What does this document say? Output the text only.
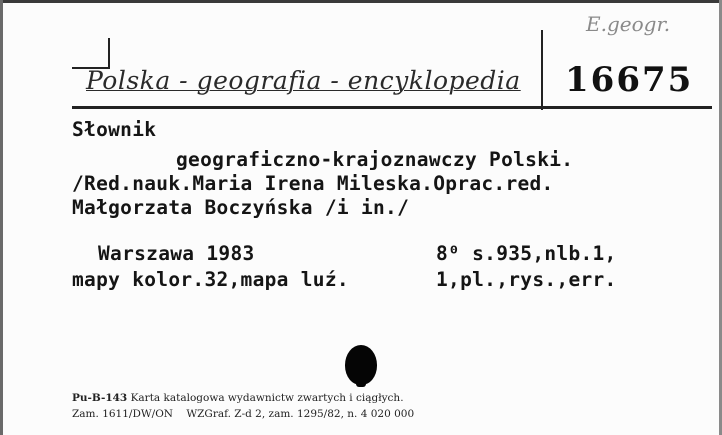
E.geogr.
Polska - geografia - encyklopedia 16675
Słownik
geograficzno-krajoznawczy Polski.
/Red.nauk.Maria Irena Mileska.Oprac.red.
Małgorzata Boczyńska /i in./
Warszawa 1983	8⁰ s.935,nlb.1,
mapy kolor.32,mapa luź.	1,pl.,rys.,err.
Pu-B-143 Karta katalogowa wydawnictw zwartych i ciągłych.
Zam. 1611/DW/ON    WZGraf. Z-d 2, zam. 1295/82, n. 4 020 000
